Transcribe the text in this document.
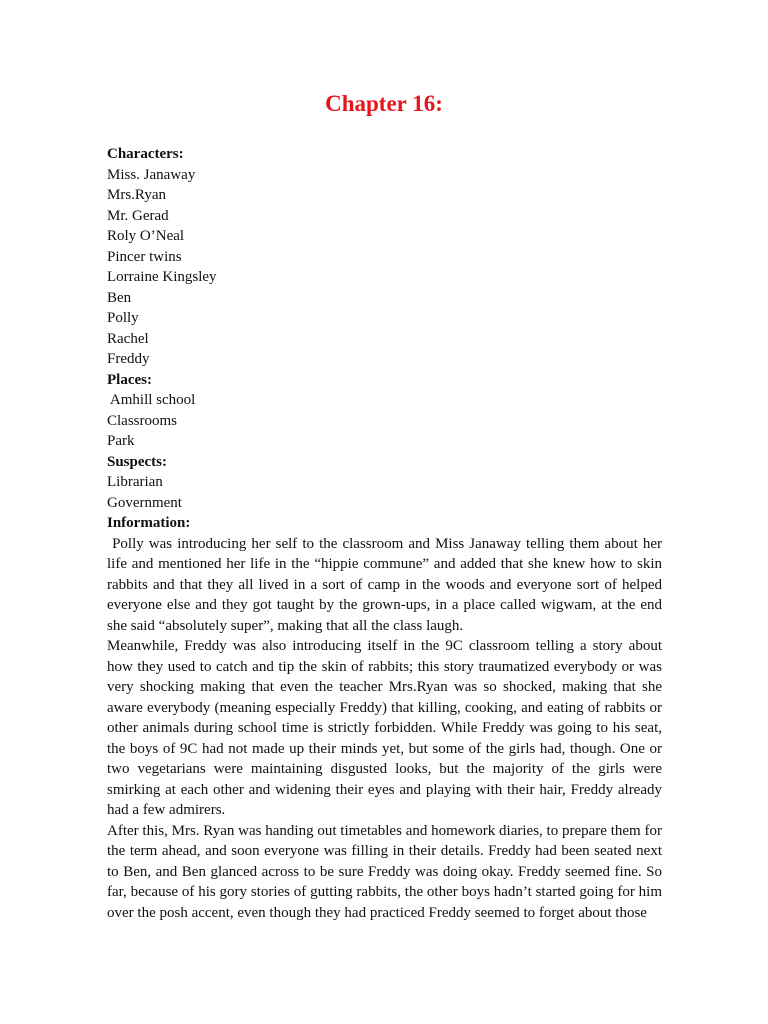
Chapter 16:
Characters:
Miss. Janaway
Mrs.Ryan
Mr. Gerad
Roly O’Neal
Pincer twins
Lorraine Kingsley
Ben
Polly
Rachel
Freddy
Places:
Amhill school
Classrooms
Park
Suspects:
Librarian
Government
Information:

Polly was introducing her self to the classroom and Miss Janaway telling them about her life and mentioned her life in the “hippie commune” and added that she knew how to skin rabbits and that they all lived in a sort of camp in the woods and everyone sort of helped everyone else and they got taught by the grown-ups, in a place called wigwam, at the end she said “absolutely super”, making that all the class laugh.

Meanwhile, Freddy was also introducing itself in the 9C classroom telling a story about how they used to catch and tip the skin of rabbits; this story traumatized everybody or was very shocking making that even the teacher Mrs.Ryan was so shocked, making that she aware everybody (meaning especially Freddy) that killing, cooking, and eating of rabbits or other animals during school time is strictly forbidden. While Freddy was going to his seat, the boys of 9C had not made up their minds yet, but some of the girls had, though. One or two vegetarians were maintaining disgusted looks, but the majority of the girls were smirking at each other and widening their eyes and playing with their hair, Freddy already had a few admirers.

After this, Mrs. Ryan was handing out timetables and homework diaries, to prepare them for the term ahead, and soon everyone was filling in their details. Freddy had been seated next to Ben, and Ben glanced across to be sure Freddy was doing okay. Freddy seemed fine. So far, because of his gory stories of gutting rabbits, the other boys hadn’t started going for him over the posh accent, even though they had practiced Freddy seemed to forget about those
